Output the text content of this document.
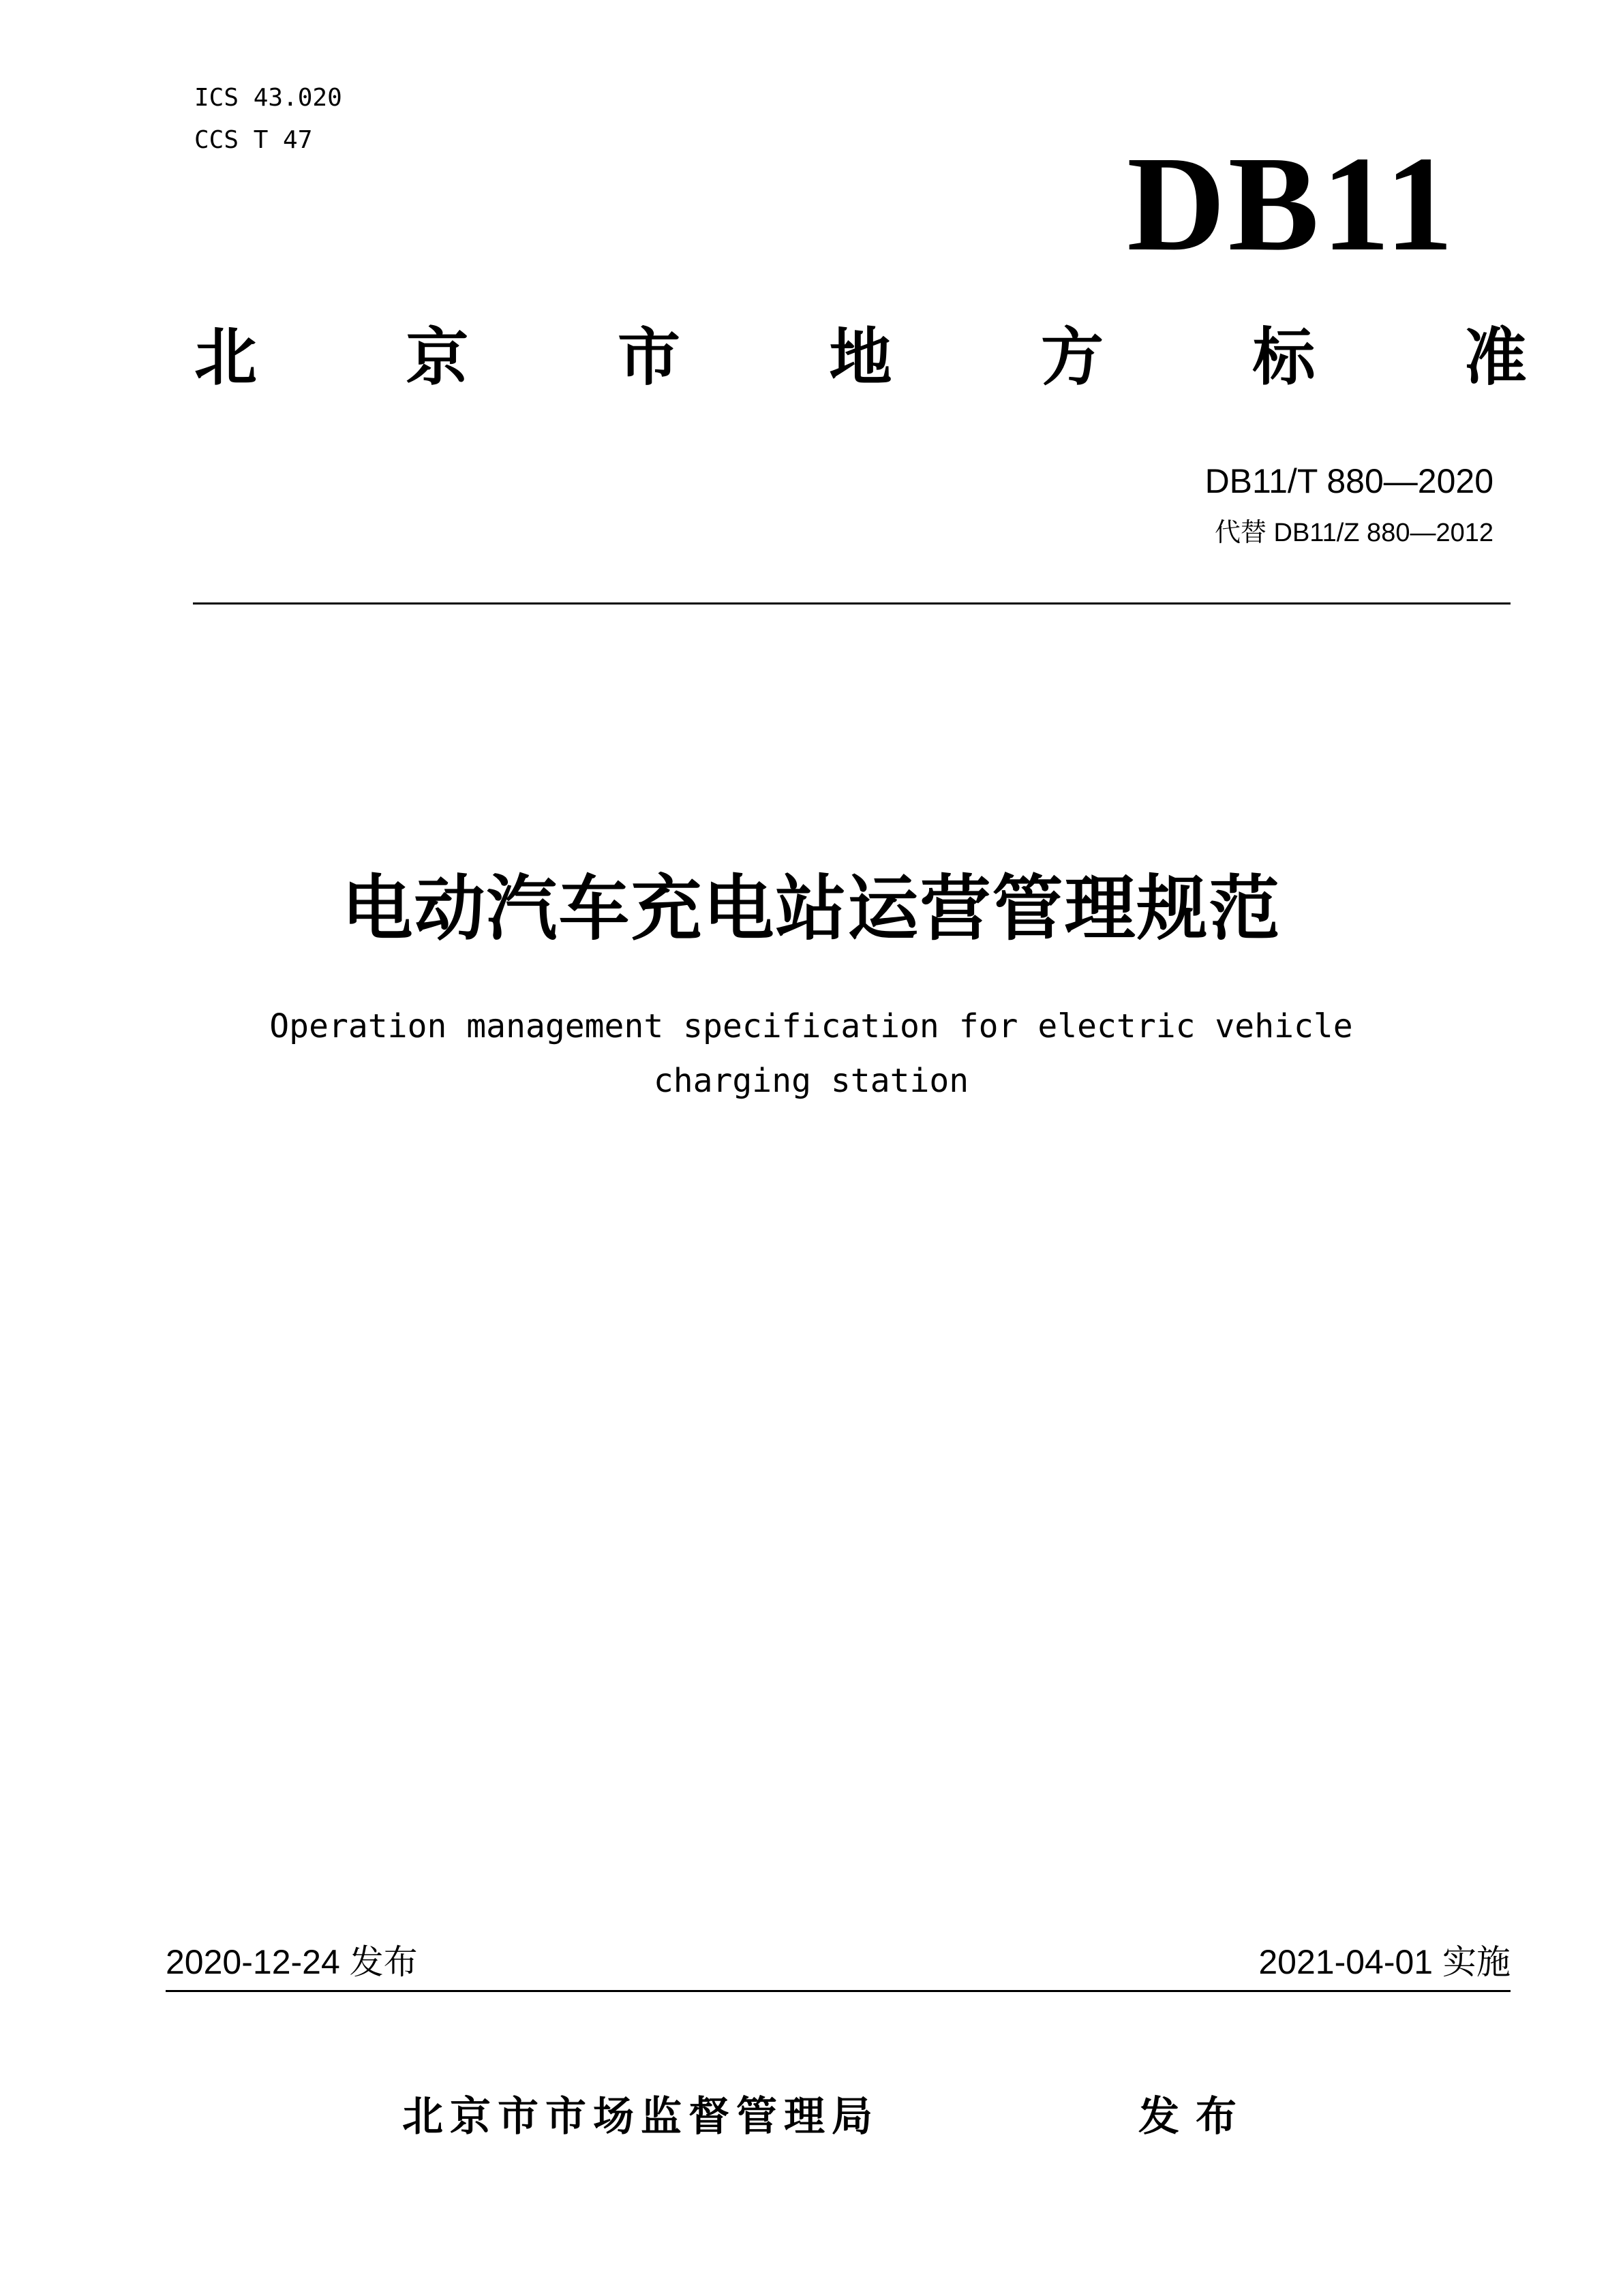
ICS 43.020

CCS T 47	DB11
北 京 市 地 方 标 准

DB11/T 880—2020

代替 DB11/Z 880—2012

电动汽车充电站运营管理规范

Operation management specification for electric vehicle charging station

2020-12-24 发布	2021-04-01 实施

北京市市场监督管理局	发布
